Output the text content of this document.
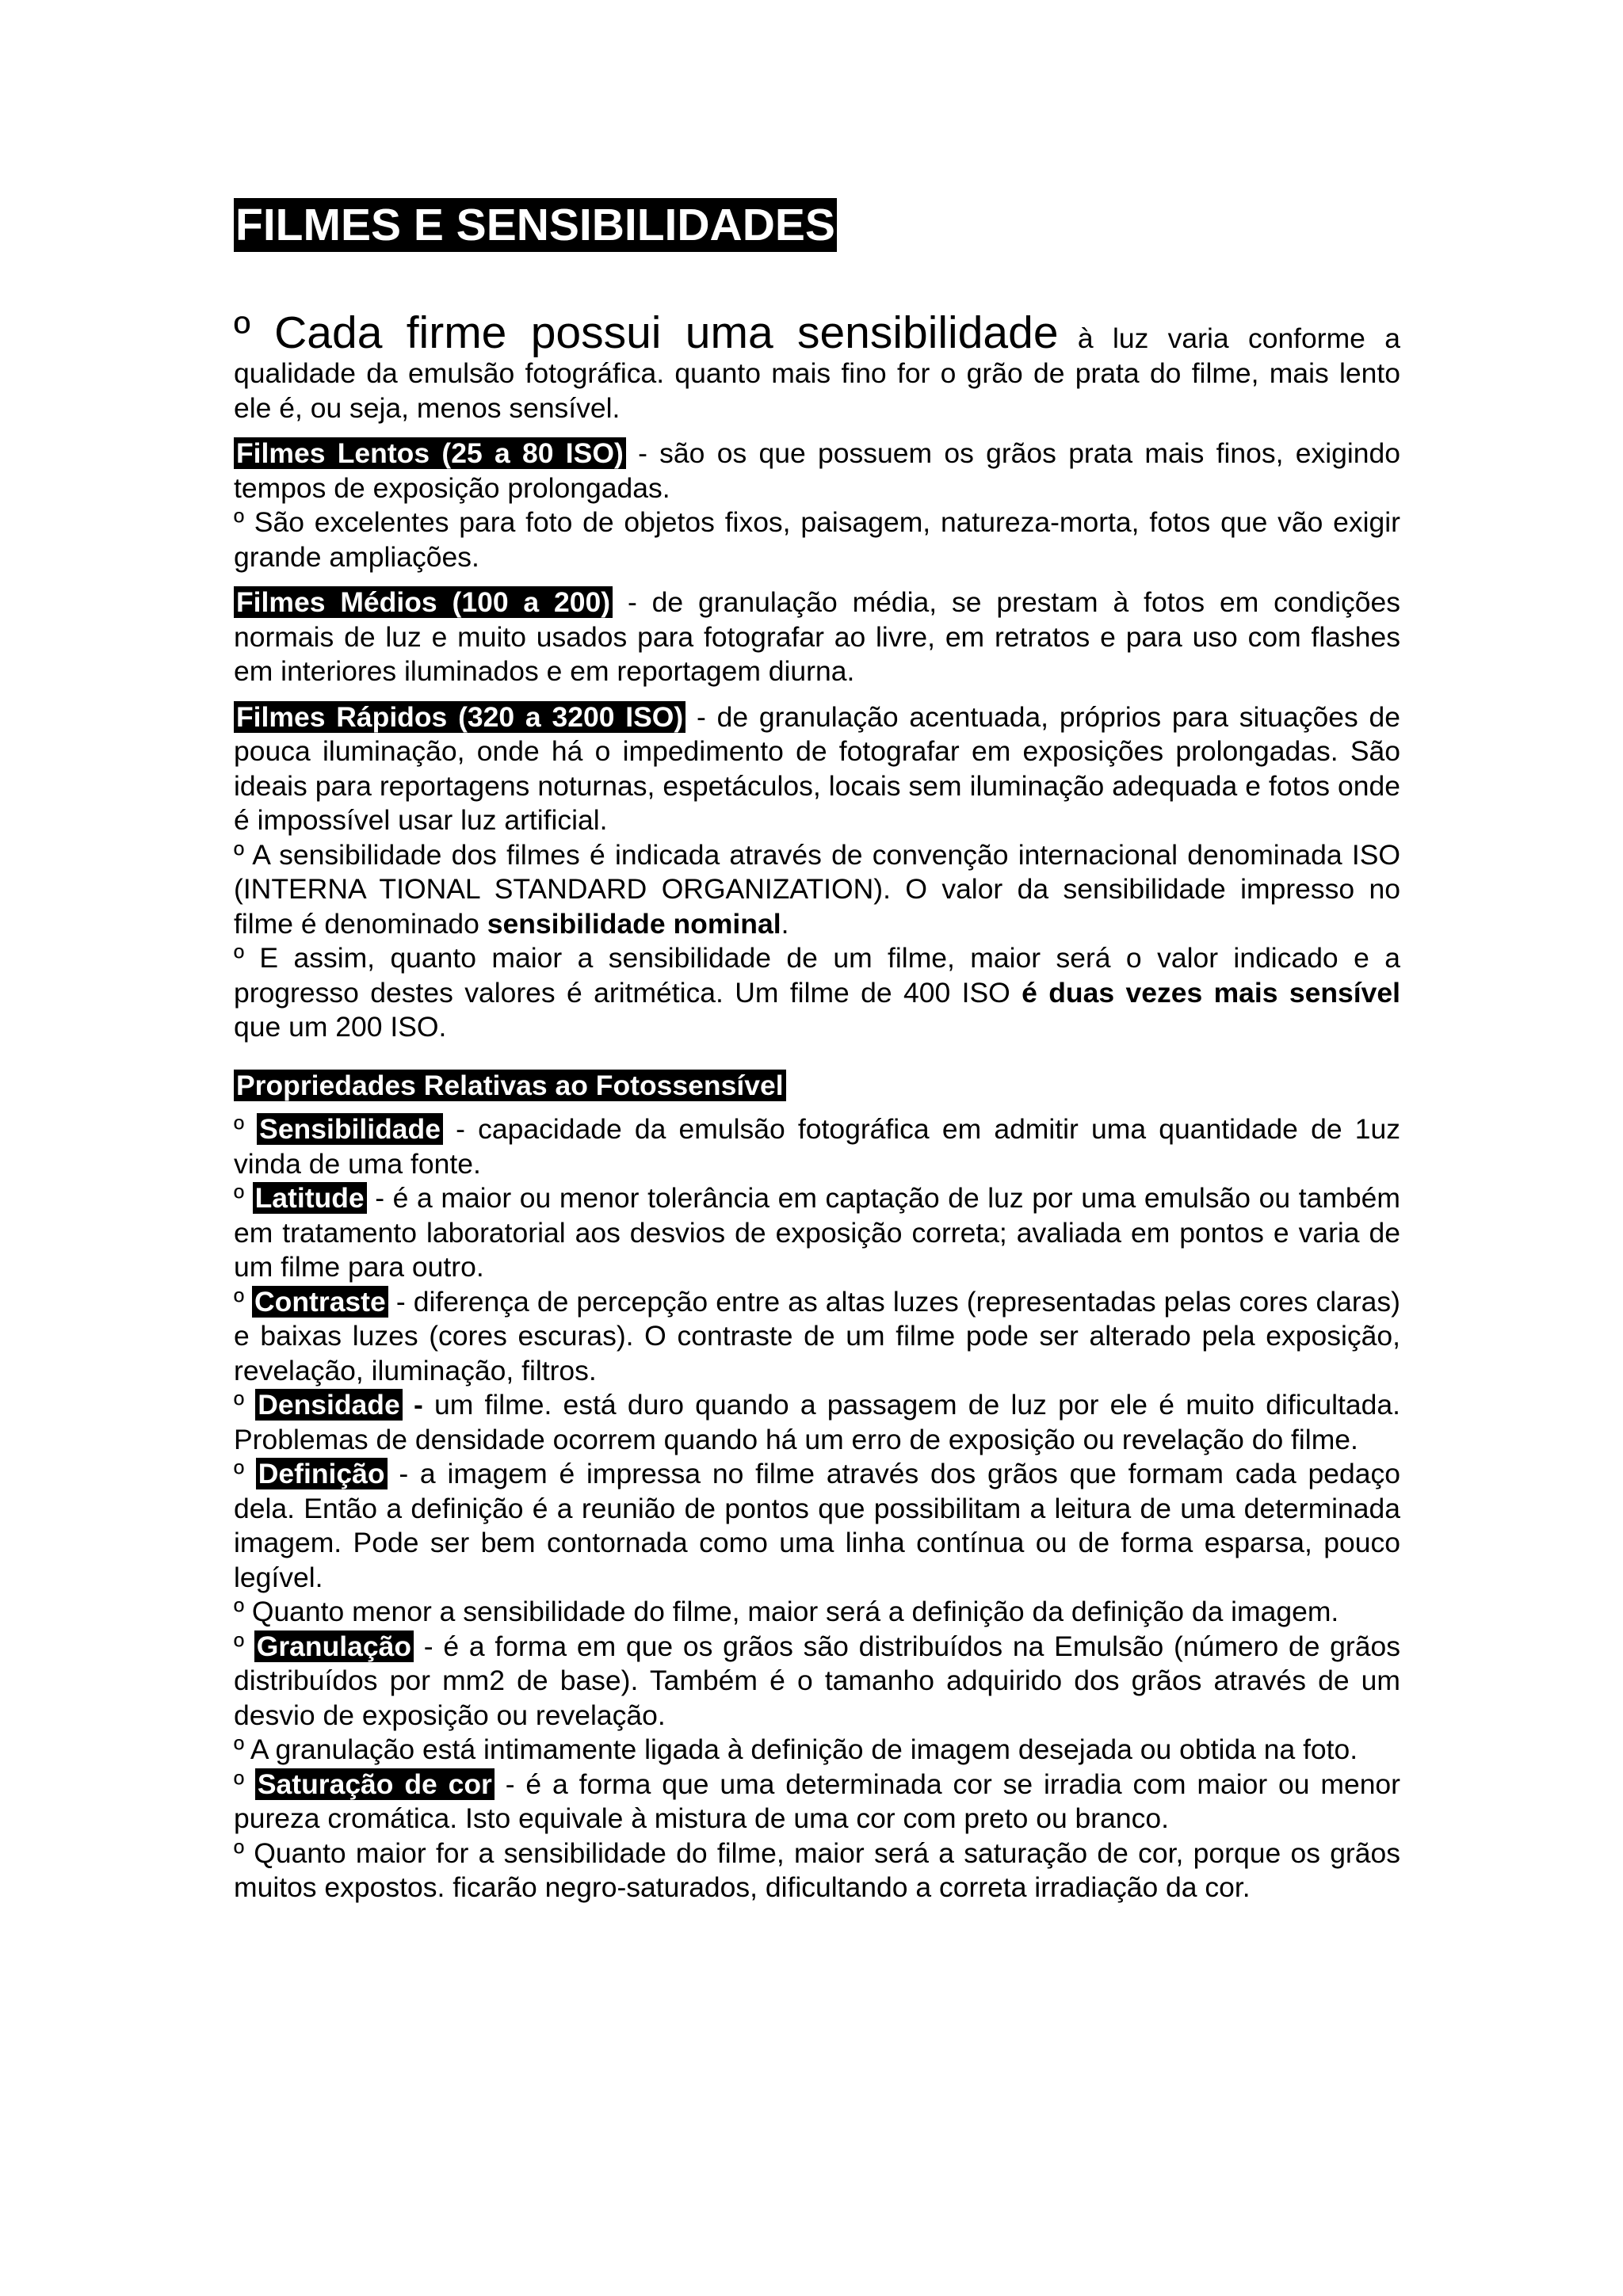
FILMES E SENSIBILIDADES

º Cada firme possui uma sensibilidade à luz varia conforme a qualidade da emulsão fotográfica. quanto mais fino for o grão de prata do filme, mais lento ele é, ou seja, menos sensível.

Filmes Lentos (25 a 80 ISO) - são os que possuem os grãos prata mais finos, exigindo tempos de exposição prolongadas.

º São excelentes para foto de objetos fixos, paisagem, natureza-morta, fotos que vão exigir grande ampliações.

Filmes Médios (100 a 200) - de granulação média, se prestam à fotos em condições normais de luz e muito usados para fotografar ao livre, em retratos e para uso com flashes em interiores iluminados e em reportagem diurna.

Filmes Rápidos (320 a 3200 ISO) - de granulação acentuada, próprios para situações de pouca iluminação, onde há o impedimento de fotografar em exposições prolongadas. São ideais para reportagens noturnas, espetáculos, locais sem iluminação adequada e fotos onde é impossível usar luz artificial.

º A sensibilidade dos filmes é indicada através de convenção internacional denominada ISO (INTERNA TIONAL STANDARD ORGANIZATION). O valor da sensibilidade impresso no filme é denominado sensibilidade nominal.

º E assim, quanto maior a sensibilidade de um filme, maior será o valor indicado e a progresso destes valores é aritmética. Um filme de 400 ISO é duas vezes mais sensível que um 200 ISO.

Propriedades Relativas ao Fotossensível

º Sensibilidade - capacidade da emulsão fotográfica em admitir uma quantidade de 1uz vinda de uma fonte.

º Latitude - é a maior ou menor tolerância em captação de luz por uma emulsão ou também em tratamento laboratorial aos desvios de exposição correta; avaliada em pontos e varia de um filme para outro.

º Contraste - diferença de percepção entre as altas luzes (representadas pelas cores claras) e baixas luzes (cores escuras). O contraste de um filme pode ser alterado pela exposição, revelação, iluminação, filtros.

º Densidade - um filme. está duro quando a passagem de luz por ele é muito dificultada. Problemas de densidade ocorrem quando há um erro de exposição ou revelação do filme.

º Definição - a imagem é impressa no filme através dos grãos que formam cada pedaço dela. Então a definição é a reunião de pontos que possibilitam a leitura de uma determinada imagem. Pode ser bem contornada como uma linha contínua ou de forma esparsa, pouco legível.

º Quanto menor a sensibilidade do filme, maior será a definição da definição da imagem.

º Granulação - é a forma em que os grãos são distribuídos na Emulsão (número de grãos distribuídos por mm2 de base). Também é o tamanho adquirido dos grãos através de um desvio de exposição ou revelação.

º A granulação está intimamente ligada à definição de imagem desejada ou obtida na foto.

º Saturação de cor - é a forma que uma determinada cor se irradia com maior ou menor pureza cromática. Isto equivale à mistura de uma cor com preto ou branco.

º Quanto maior for a sensibilidade do filme, maior será a saturação de cor, porque os grãos muitos expostos. ficarão negro-saturados, dificultando a correta irradiação da cor.
